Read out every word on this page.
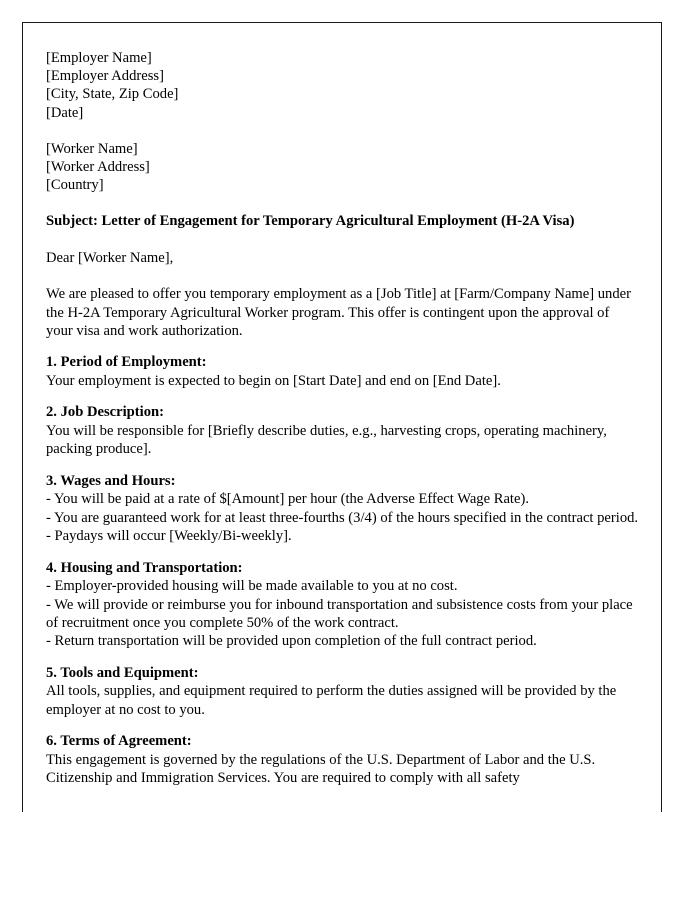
[Employer Name]
[Employer Address]
[City, State, Zip Code]
[Date]
[Worker Name]
[Worker Address]
[Country]
Subject: Letter of Engagement for Temporary Agricultural Employment (H-2A Visa)
Dear [Worker Name],

We are pleased to offer you temporary employment as a [Job Title] at [Farm/Company Name] under the H-2A Temporary Agricultural Worker program. This offer is contingent upon the approval of your visa and work authorization.

1. Period of Employment:

Your employment is expected to begin on [Start Date] and end on [End Date].

2. Job Description:

You will be responsible for [Briefly describe duties, e.g., harvesting crops, operating machinery, packing produce].

3. Wages and Hours:

- You will be paid at a rate of $[Amount] per hour (the Adverse Effect Wage Rate).

- You are guaranteed work for at least three-fourths (3/4) of the hours specified in the contract period.

- Paydays will occur [Weekly/Bi-weekly].

4. Housing and Transportation:

- Employer-provided housing will be made available to you at no cost.

- We will provide or reimburse you for inbound transportation and subsistence costs from your place of recruitment once you complete 50% of the work contract.

- Return transportation will be provided upon completion of the full contract period.

5. Tools and Equipment:

All tools, supplies, and equipment required to perform the duties assigned will be provided by the employer at no cost to you.

6. Terms of Agreement:

This engagement is governed by the regulations of the U.S. Department of Labor and the U.S. Citizenship and Immigration Services. You are required to comply with all safety
